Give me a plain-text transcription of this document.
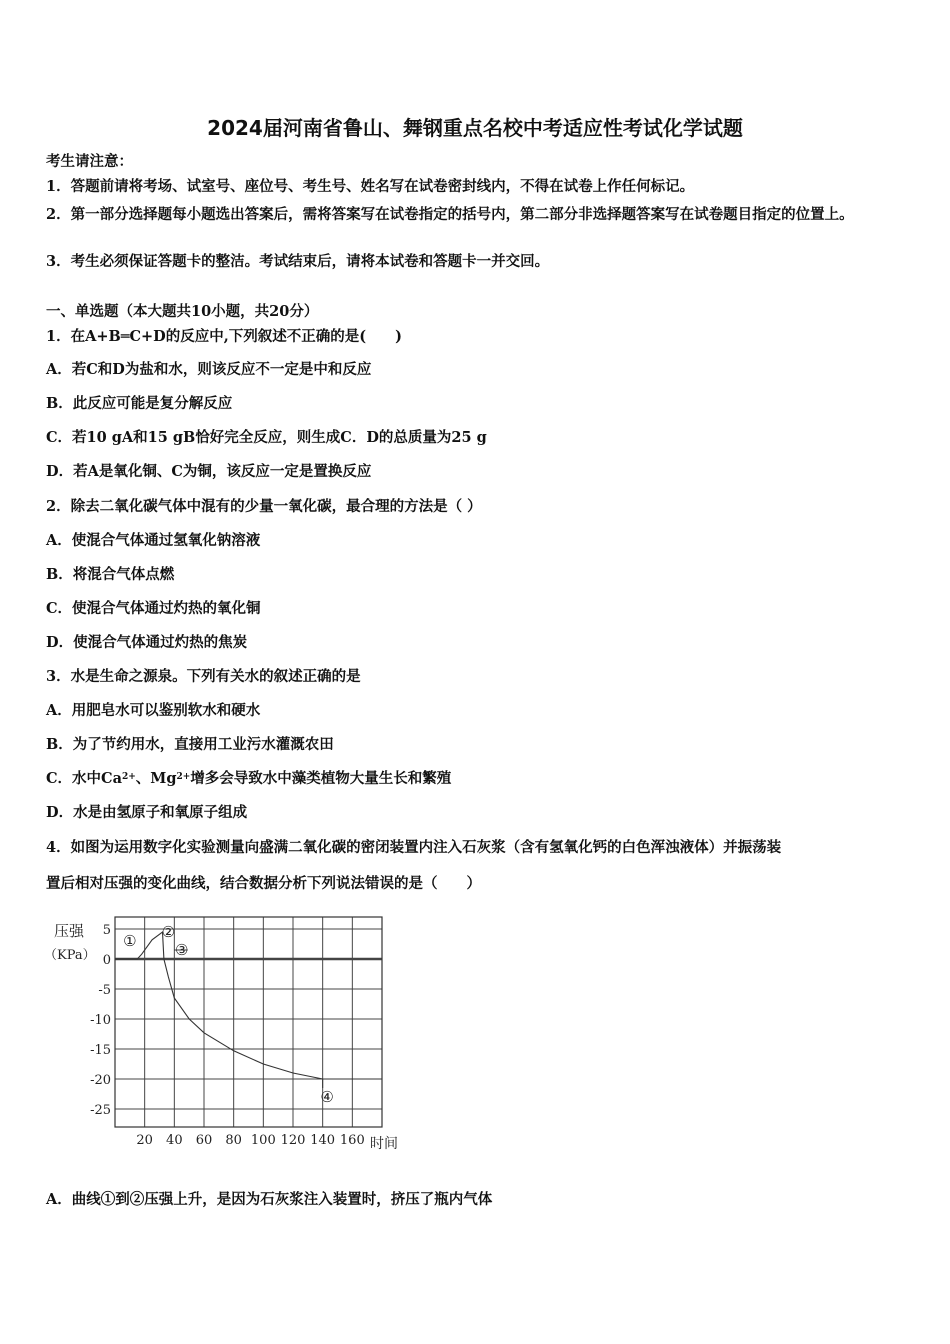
2024届河南省鲁山、舞钢重点名校中考适应性考试化学试题
考生请注意：
1．答题前请将考场、试室号、座位号、考生号、姓名写在试卷密封线内，不得在试卷上作任何标记。
2．第一部分选择题每小题选出答案后，需将答案写在试卷指定的括号内，第二部分非选择题答案写在试卷题目指定的位置上。
3．考生必须保证答题卡的整洁。考试结束后，请将本试卷和答题卡一并交回。
一、单选题（本大题共10小题，共20分）
1．在A+B═C+D的反应中,下列叙述不正确的是(　　)
A．若C和D为盐和水，则该反应不一定是中和反应
B．此反应可能是复分解反应
C．若10 gA和15 gB恰好完全反应，则生成C．D的总质量为25 g
D．若A是氧化铜、C为铜，该反应一定是置换反应
2．除去二氧化碳气体中混有的少量一氧化碳，最合理的方法是（ ）
A．使混合气体通过氢氧化钠溶液
B．将混合气体点燃
C．使混合气体通过灼热的氧化铜
D．使混合气体通过灼热的焦炭
3．水是生命之源泉。下列有关水的叙述正确的是
A．用肥皂水可以鉴别软水和硬水
B．为了节约用水，直接用工业污水灌溉农田
C．水中$Ca^{2+}$、$Mg^{2+}$增多会导致水中藻类植物大量生长和繁殖
D．水是由氢原子和氧原子组成
4．如图为运用数字化实验测量向盛满二氧化碳的密闭装置内注入石灰浆（含有氢氧化钙的白色浑浊液体）并振荡装
置后相对压强的变化曲线，结合数据分析下列说法错误的是（　　）
5
0
-5
-10
-15
-20
-25
20 40 60 80 100 120 140 160
① ②
③
④
压强
（KPa）
时间
A．曲线①到②压强上升，是因为石灰浆注入装置时，挤压了瓶内气体
